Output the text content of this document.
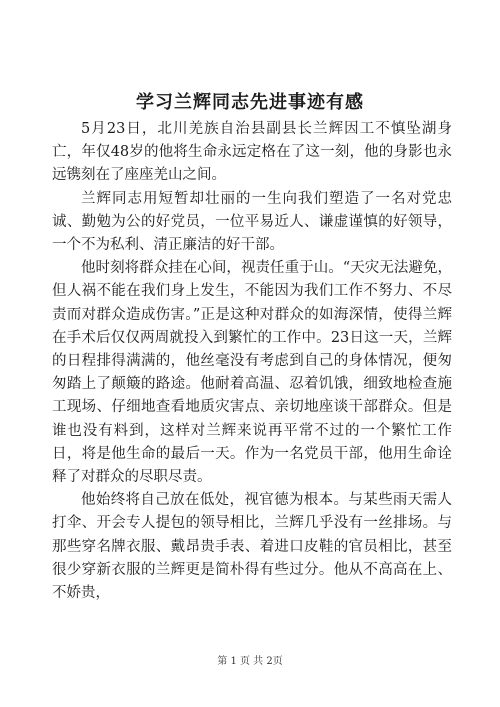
学习兰辉同志先进事迹有感

5月23日，北川羌族自治县副县长兰辉因工不慎坠湖身亡，年仅48岁的他将生命永远定格在了这一刻，他的身影也永远镌刻在了座座羌山之间。

兰辉同志用短暂却壮丽的一生向我们塑造了一名对党忠诚、勤勉为公的好党员，一位平易近人、谦虚谨慎的好领导，一个不为私利、清正廉洁的好干部。

他时刻将群众挂在心间，视责任重于山。“天灾无法避免，但人祸不能在我们身上发生，不能因为我们工作不努力、不尽责而对群众造成伤害。”正是这种对群众的如海深情，使得兰辉在手术后仅仅两周就投入到繁忙的工作中。23日这一天，兰辉的日程排得满满的，他丝毫没有考虑到自己的身体情况，便匆匆踏上了颠簸的路途。他耐着高温、忍着饥饿，细致地检查施工现场、仔细地查看地质灾害点、亲切地座谈干部群众。但是谁也没有料到，这样对兰辉来说再平常不过的一个繁忙工作日，将是他生命的最后一天。作为一名党员干部，他用生命诠释了对群众的尽职尽责。

他始终将自己放在低处，视官德为根本。与某些雨天需人打伞、开会专人提包的领导相比，兰辉几乎没有一丝排场。与那些穿名牌衣服、戴昂贵手表、着进口皮鞋的官员相比，甚至很少穿新衣服的兰辉更是简朴得有些过分。他从不高高在上、不娇贵，

第 1 页 共 2页
